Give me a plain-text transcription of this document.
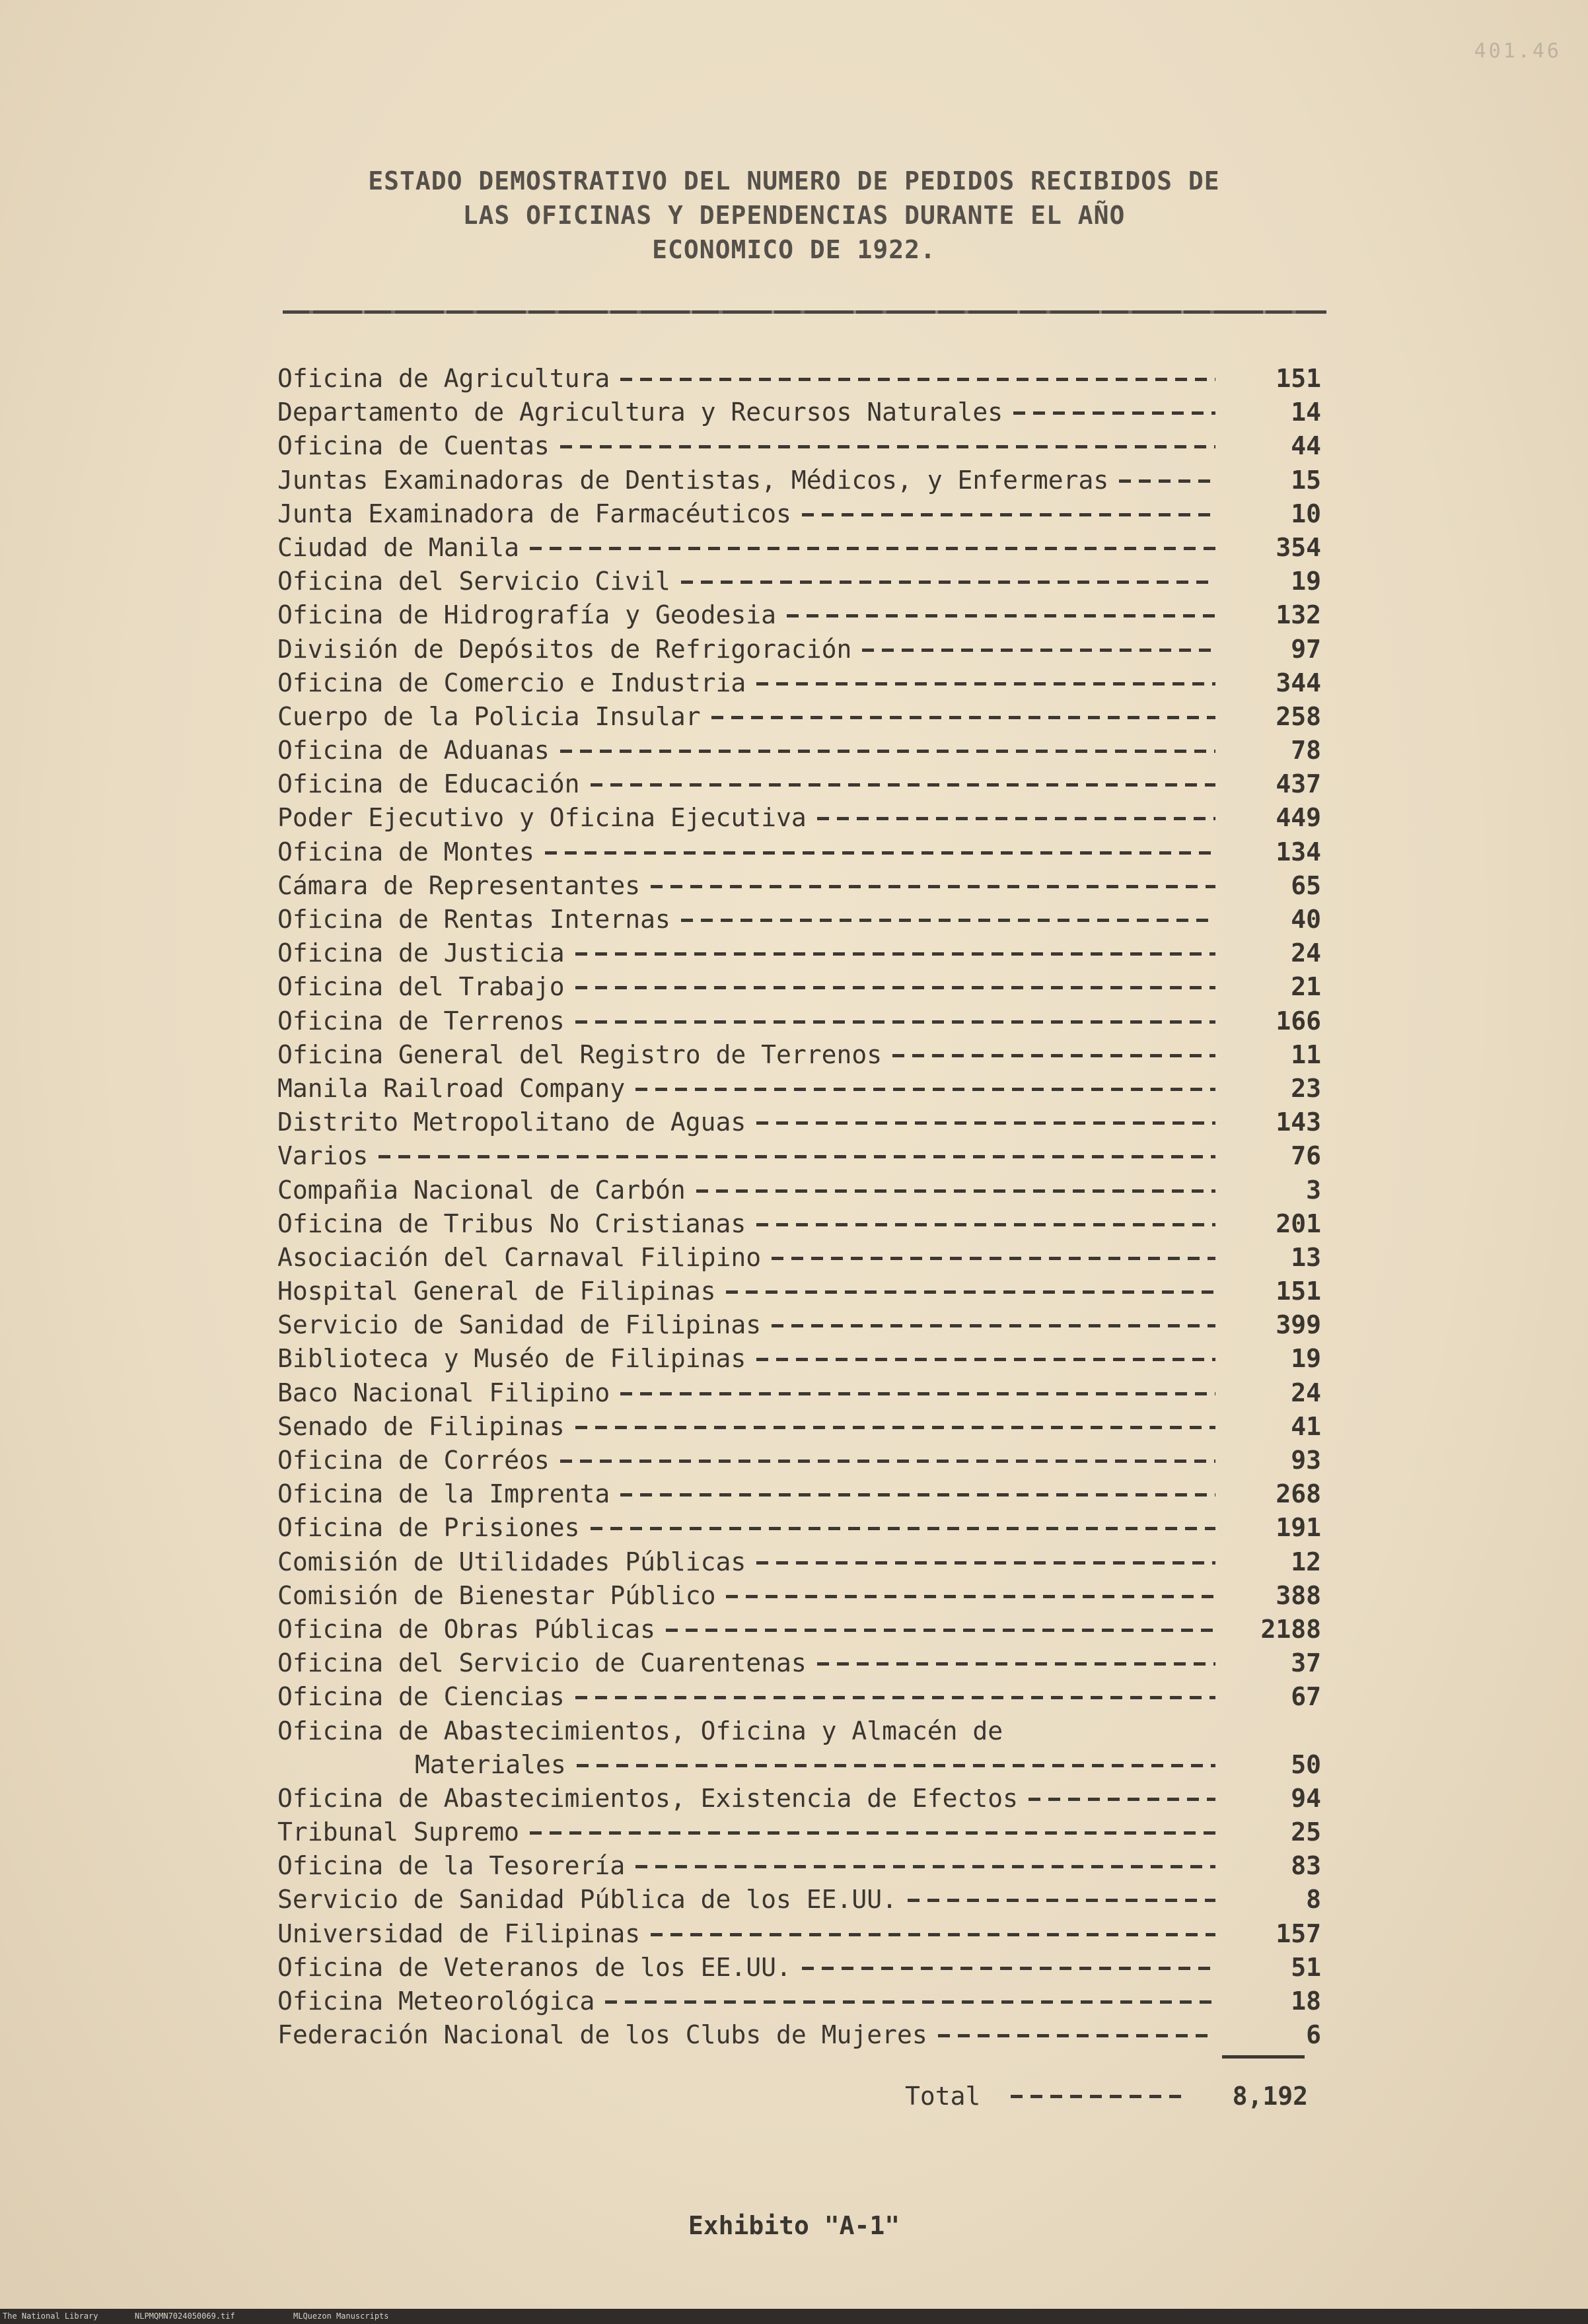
401.46
ESTADO DEMOSTRATIVO DEL NUMERO DE PEDIDOS RECIBIDOS DE
LAS OFICINAS Y DEPENDENCIAS DURANTE EL AÑO
ECONOMICO DE 1922.
Oficina de Agricultura	151
Departamento de Agricultura y Recursos Naturales	14
Oficina de Cuentas	44
Juntas Examinadoras de Dentistas, Médicos, y Enfermeras	15
Junta Examinadora de Farmacéuticos	10
Ciudad de Manila	354
Oficina del Servicio Civil	19
Oficina de Hidrografía y Geodesia	132
División de Depósitos de Refrigoración	97
Oficina de Comercio e Industria	344
Cuerpo de la Policia Insular	258
Oficina de Aduanas	78
Oficina de Educación	437
Poder Ejecutivo y Oficina Ejecutiva	449
Oficina de Montes	134
Cámara de Representantes	65
Oficina de Rentas Internas	40
Oficina de Justicia	24
Oficina del Trabajo	21
Oficina de Terrenos	166
Oficina General del Registro de Terrenos	11
Manila Railroad Company	23
Distrito Metropolitano de Aguas	143
Varios	76
Compañia Nacional de Carbón	3
Oficina de Tribus No Cristianas	201
Asociación del Carnaval Filipino	13
Hospital General de Filipinas	151
Servicio de Sanidad de Filipinas	399
Biblioteca y Muséo de Filipinas	19
Baco Nacional Filipino	24
Senado de Filipinas	41
Oficina de Corréos	93
Oficina de la Imprenta	268
Oficina de Prisiones	191
Comisión de Utilidades Públicas	12
Comisión de Bienestar Público	388
Oficina de Obras Públicas	2188
Oficina del Servicio de Cuarentenas	37
Oficina de Ciencias	67
Oficina de Abastecimientos, Oficina y Almacén de
Materiales	50
Oficina de Abastecimientos, Existencia de Efectos	94
Tribunal Supremo	25
Oficina de la Tesorería	83
Servicio de Sanidad Pública de los EE.UU.	8
Universidad de Filipinas	157
Oficina de Veteranos de los EE.UU.	51
Oficina Meteorológica	18
Federación Nacional de los Clubs de Mujeres	6
Total	8,192
Exhibito "A-1"
The National Library	NLPMQMN7024050069.tif	MLQuezon Manuscripts
